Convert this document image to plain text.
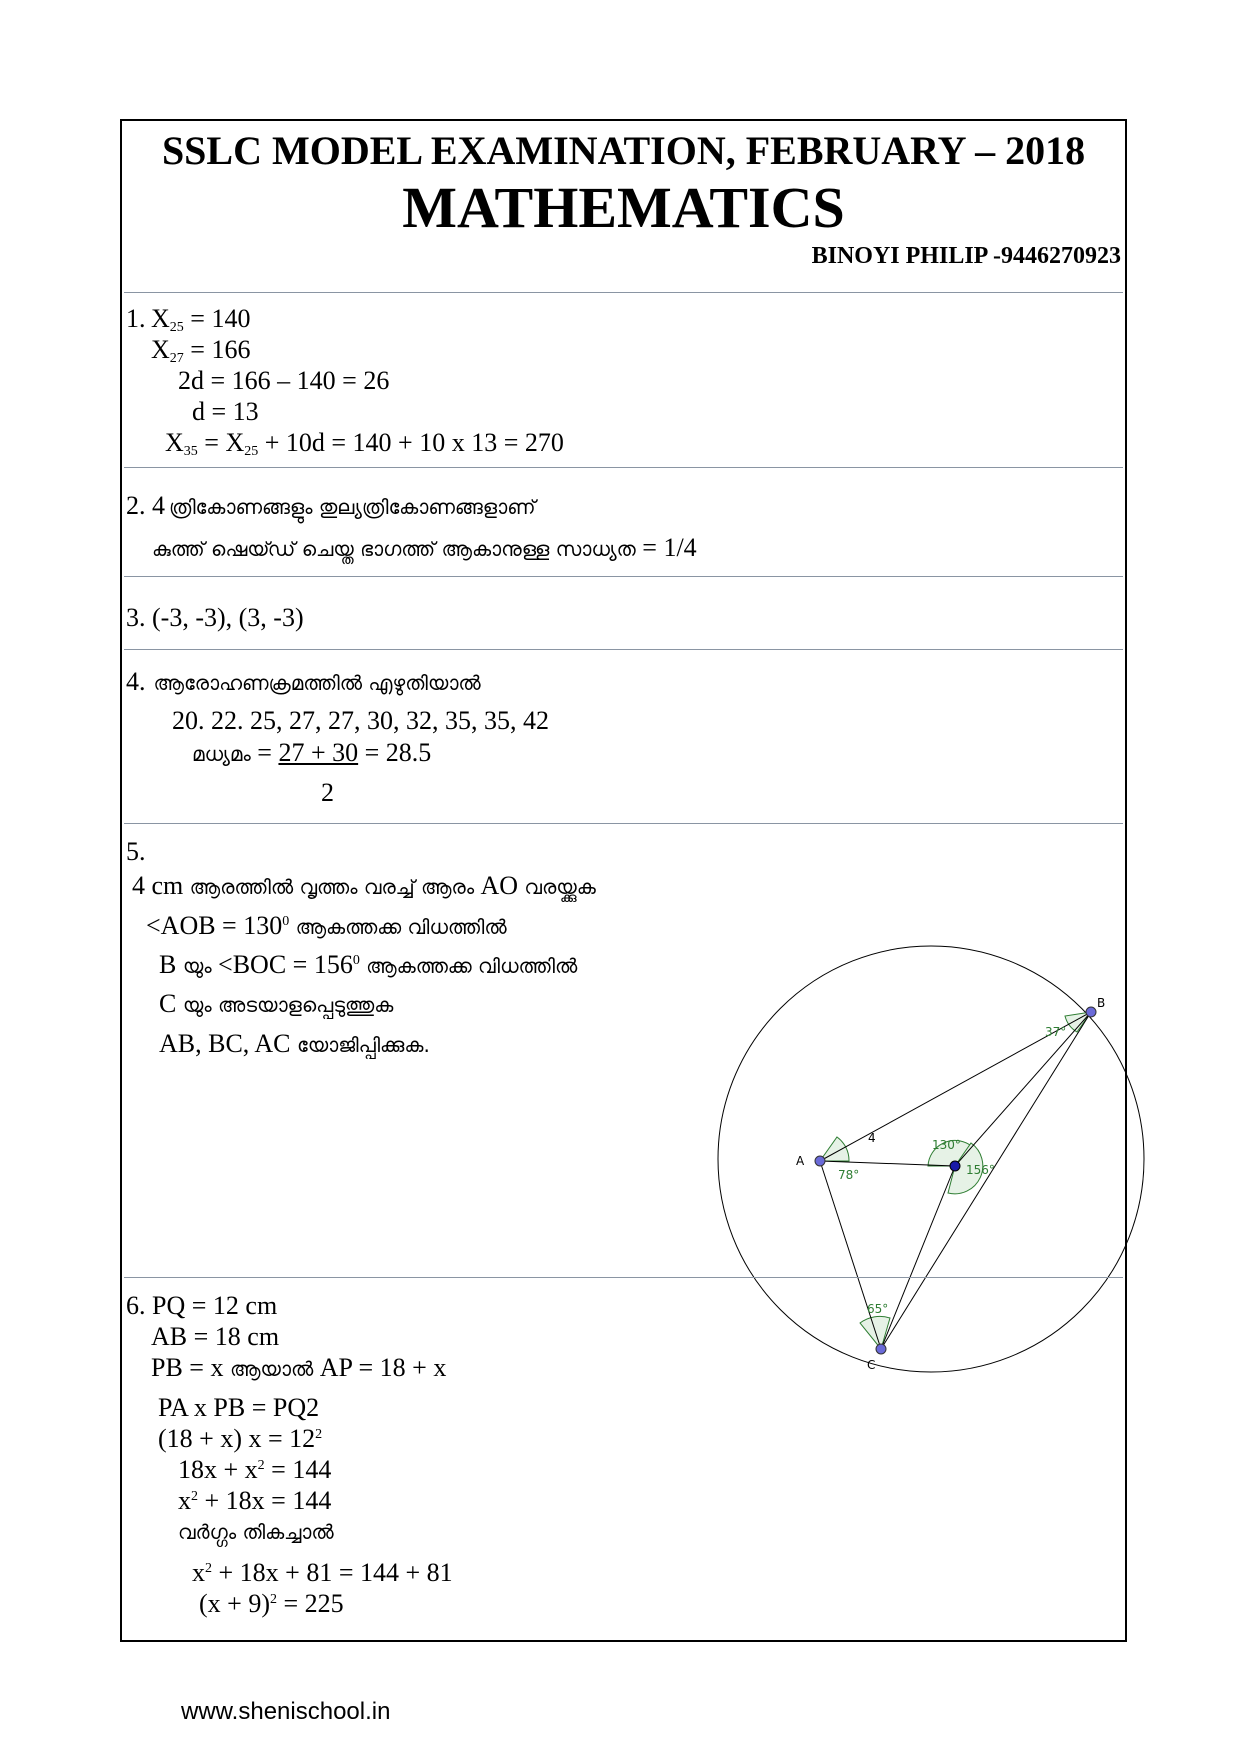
SSLC MODEL EXAMINATION, FEBRUARY – 2018
MATHEMATICS
BINOYI PHILIP -9446270923
1. $X_{25} = 140$
$X_{27} = 166$
2d = 166 – 140 = 26
d = 13
$X_{35} = X_{25} + 10d = 140 + 10$ x 13 = 270
2. 4 ത്രികോണങ്ങളും തുല്യത്രികോണങ്ങളാണ്
കുത്ത് ഷെയ്ഡ് ചെയ്ത ഭാഗത്ത് ആകാനുള്ള സാധ്യത = 1/4
3. (-3, -3), (3, -3)
4. ആരോഹണക്രമത്തിൽ എഴുതിയാൽ
20. 22. 25, 27, 27, 30, 32, 35, 35, 42
മധ്യമം = 27 + 30 = 28.5
2
5.
4 cm ആരത്തിൽ വൃത്തം വരച്ച് ആരം AO വരയ്ക്കുക
$<AOB = 130^0$ ആകത്തക്ക വിധത്തിൽ
B യും $<BOC = 156^0$ ആകത്തക്ക വിധത്തിൽ
C യും അടയാളപ്പെടുത്തുക
AB, BC, AC യോജിപ്പിക്കുക.
A
B
C
4	130°
156°
78°
37°
65°
6. PQ = 12 cm
AB = 18 cm
PB = x ആയാൽ AP = 18 + x
PA x PB = PQ2
(18 + x) $x = 12^2$
$18x + x^2 = 144$
$x^2 + 18x = 144$
വർഗ്ഗം തികച്ചാൽ
$x^2 + 18x + 81 = 144 + 81$
$(x + 9)^2 = 225$
www.shenischool.in
